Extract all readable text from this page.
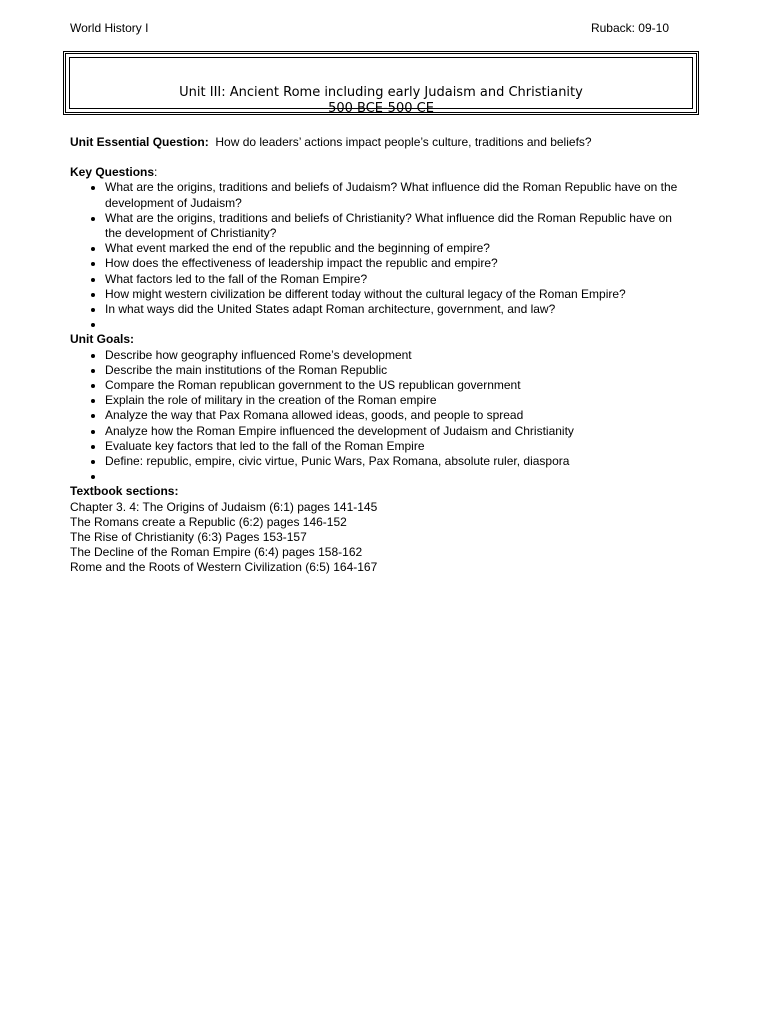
World History I	Ruback: 09-10
Unit III: Ancient Rome including early Judaism and Christianity
500 BCE-500 CE

Unit Essential Question: How do leaders’ actions impact people’s culture, traditions and beliefs?

Key Questions:

• What are the origins, traditions and beliefs of Judaism? What influence did the Roman Republic have on the development of Judaism?
• What are the origins, traditions and beliefs of Christianity? What influence did the Roman Republic have on the development of Christianity?
• What event marked the end of the republic and the beginning of empire?
• How does the effectiveness of leadership impact the republic and empire?
• What factors led to the fall of the Roman Empire?
• How might western civilization be different today without the cultural legacy of the Roman Empire?
• In what ways did the United States adapt Roman architecture, government, and law?
•

Unit Goals:

• Describe how geography influenced Rome’s development
• Describe the main institutions of the Roman Republic
• Compare the Roman republican government to the US republican government
• Explain the role of military in the creation of the Roman empire
• Analyze the way that Pax Romana allowed ideas, goods, and people to spread
• Analyze how the Roman Empire influenced the development of Judaism and Christianity
• Evaluate key factors that led to the fall of the Roman Empire
• Define: republic, empire, civic virtue, Punic Wars, Pax Romana, absolute ruler, diaspora
•

Textbook sections:

Chapter 3. 4: The Origins of Judaism (6:1) pages 141-145
The Romans create a Republic (6:2) pages 146-152
The Rise of Christianity (6:3) Pages 153-157
The Decline of the Roman Empire (6:4) pages 158-162
Rome and the Roots of Western Civilization (6:5) 164-167
